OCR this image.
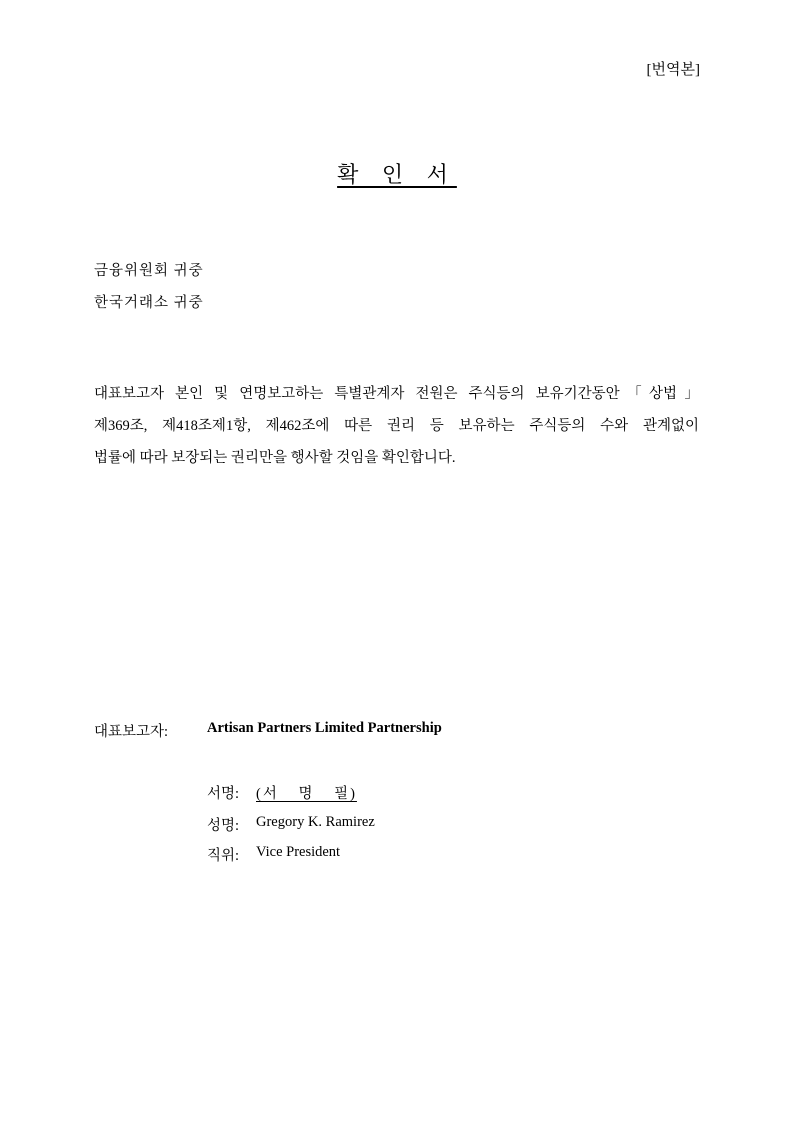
[번역본]
확 인 서
금융위원회 귀중
한국거래소 귀중
대표보고자 본인 및 연명보고하는 특별관계자 전원은 주식등의 보유기간동안「상법」
제369조, 제418조제1항, 제462조에 따른 권리 등 보유하는 주식등의 수와 관계없이
법률에 따라 보장되는 권리만을 행사할 것임을 확인합니다.
대표보고자:	Artisan Partners Limited Partnership
서명: (서 명 필)
성명: Gregory K. Ramirez
직위: Vice President
